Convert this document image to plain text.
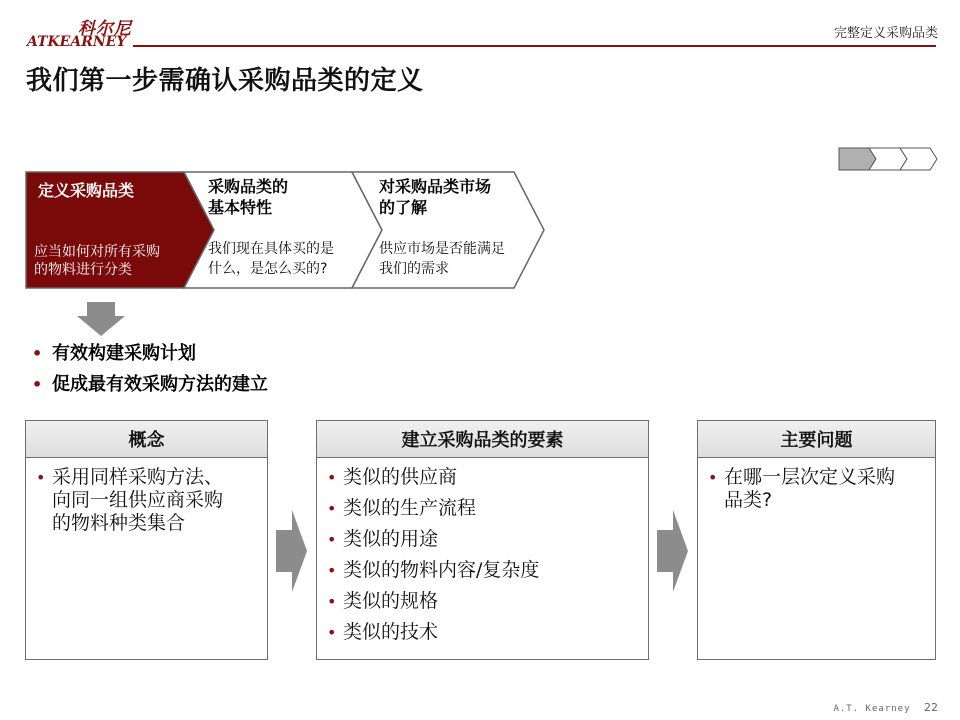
科尔尼
ATKEARNEY
完整定义采购品类
我们第一步需确认采购品类的定义
定义采购品类
应当如何对所有采购 的物料进行分类
采购品类的 基本特性
我们现在具体买的是 什么，是怎么买的?
对采购品类市场 的了解
供应市场是否能满足 我们的需求
• 有效构建采购计划
• 促成最有效采购方法的建立
概念
• 采用同样采购方法、
向同一组供应商采购
的物料种类集合
建立采购品类的要素
• 类似的供应商
• 类似的生产流程
• 类似的用途
• 类似的物料内容/复杂度
• 类似的规格
• 类似的技术
主要问题
• 在哪一层次定义采购
品类?
A.T. Kearney 22
